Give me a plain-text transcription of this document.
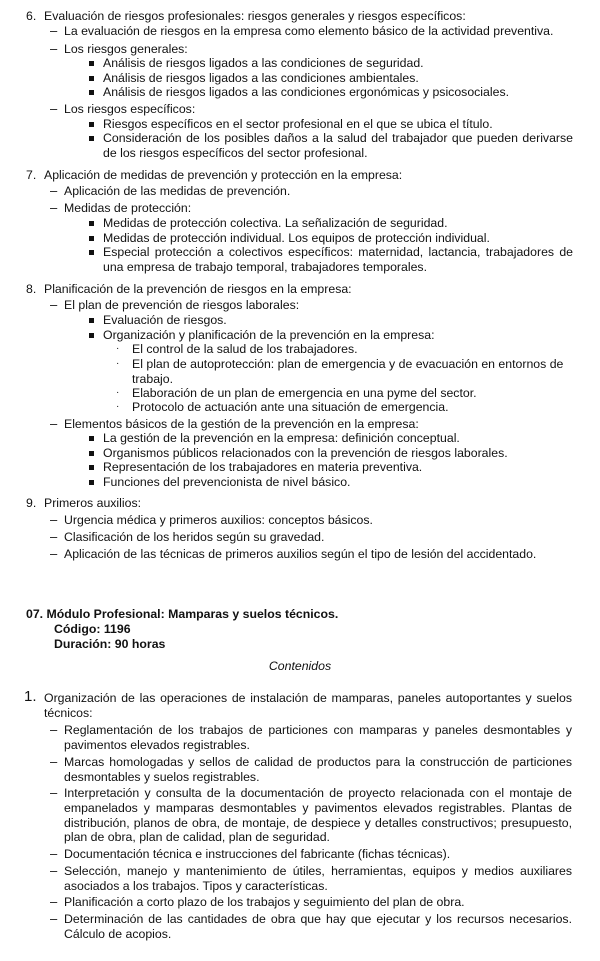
6. Evaluación de riesgos profesionales: riesgos generales y riesgos específicos:
– La evaluación de riesgos en la empresa como elemento básico de la actividad preventiva.
– Los riesgos generales:
Análisis de riesgos ligados a las condiciones de seguridad.
Análisis de riesgos ligados a las condiciones ambientales.
Análisis de riesgos ligados a las condiciones ergonómicas y psicosociales.
– Los riesgos específicos:
Riesgos específicos en el sector profesional en el que se ubica el título.
Consideración de los posibles daños a la salud del trabajador que pueden derivarse de los riesgos específicos del sector profesional.
7. Aplicación de medidas de prevención y protección en la empresa:
– Aplicación de las medidas de prevención.
– Medidas de protección:
Medidas de protección colectiva. La señalización de seguridad.
Medidas de protección individual. Los equipos de protección individual.
Especial protección a colectivos específicos: maternidad, lactancia, trabajadores de una empresa de trabajo temporal, trabajadores temporales.
8. Planificación de la prevención de riesgos en la empresa:
– El plan de prevención de riesgos laborales:
Evaluación de riesgos.
Organización y planificación de la prevención en la empresa:
· El control de la salud de los trabajadores.
· El plan de autoprotección: plan de emergencia y de evacuación en entornos de trabajo.
· Elaboración de un plan de emergencia en una pyme del sector.
· Protocolo de actuación ante una situación de emergencia.
– Elementos básicos de la gestión de la prevención en la empresa:
La gestión de la prevención en la empresa: definición conceptual.
Organismos públicos relacionados con la prevención de riesgos laborales.
Representación de los trabajadores en materia preventiva.
Funciones del prevencionista de nivel básico.
9. Primeros auxilios:
– Urgencia médica y primeros auxilios: conceptos básicos.
– Clasificación de los heridos según su gravedad.
– Aplicación de las técnicas de primeros auxilios según el tipo de lesión del accidentado.
07. Módulo Profesional: Mamparas y suelos técnicos.
Código: 1196
Duración: 90 horas
Contenidos
1. Organización de las operaciones de instalación de mamparas, paneles autoportantes y suelos técnicos:
– Reglamentación de los trabajos de particiones con mamparas y paneles desmontables y pavimentos elevados registrables.
– Marcas homologadas y sellos de calidad de productos para la construcción de particiones desmontables y suelos registrables.
– Interpretación y consulta de la documentación de proyecto relacionada con el montaje de empanelados y mamparas desmontables y pavimentos elevados registrables. Plantas de distribución, planos de obra, de montaje, de despiece y detalles constructivos; presupuesto, plan de obra, plan de calidad, plan de seguridad.
– Documentación técnica e instrucciones del fabricante (fichas técnicas).
– Selección, manejo y mantenimiento de útiles, herramientas, equipos y medios auxiliares asociados a los trabajos. Tipos y características.
– Planificación a corto plazo de los trabajos y seguimiento del plan de obra.
– Determinación de las cantidades de obra que hay que ejecutar y los recursos necesarios. Cálculo de acopios.
